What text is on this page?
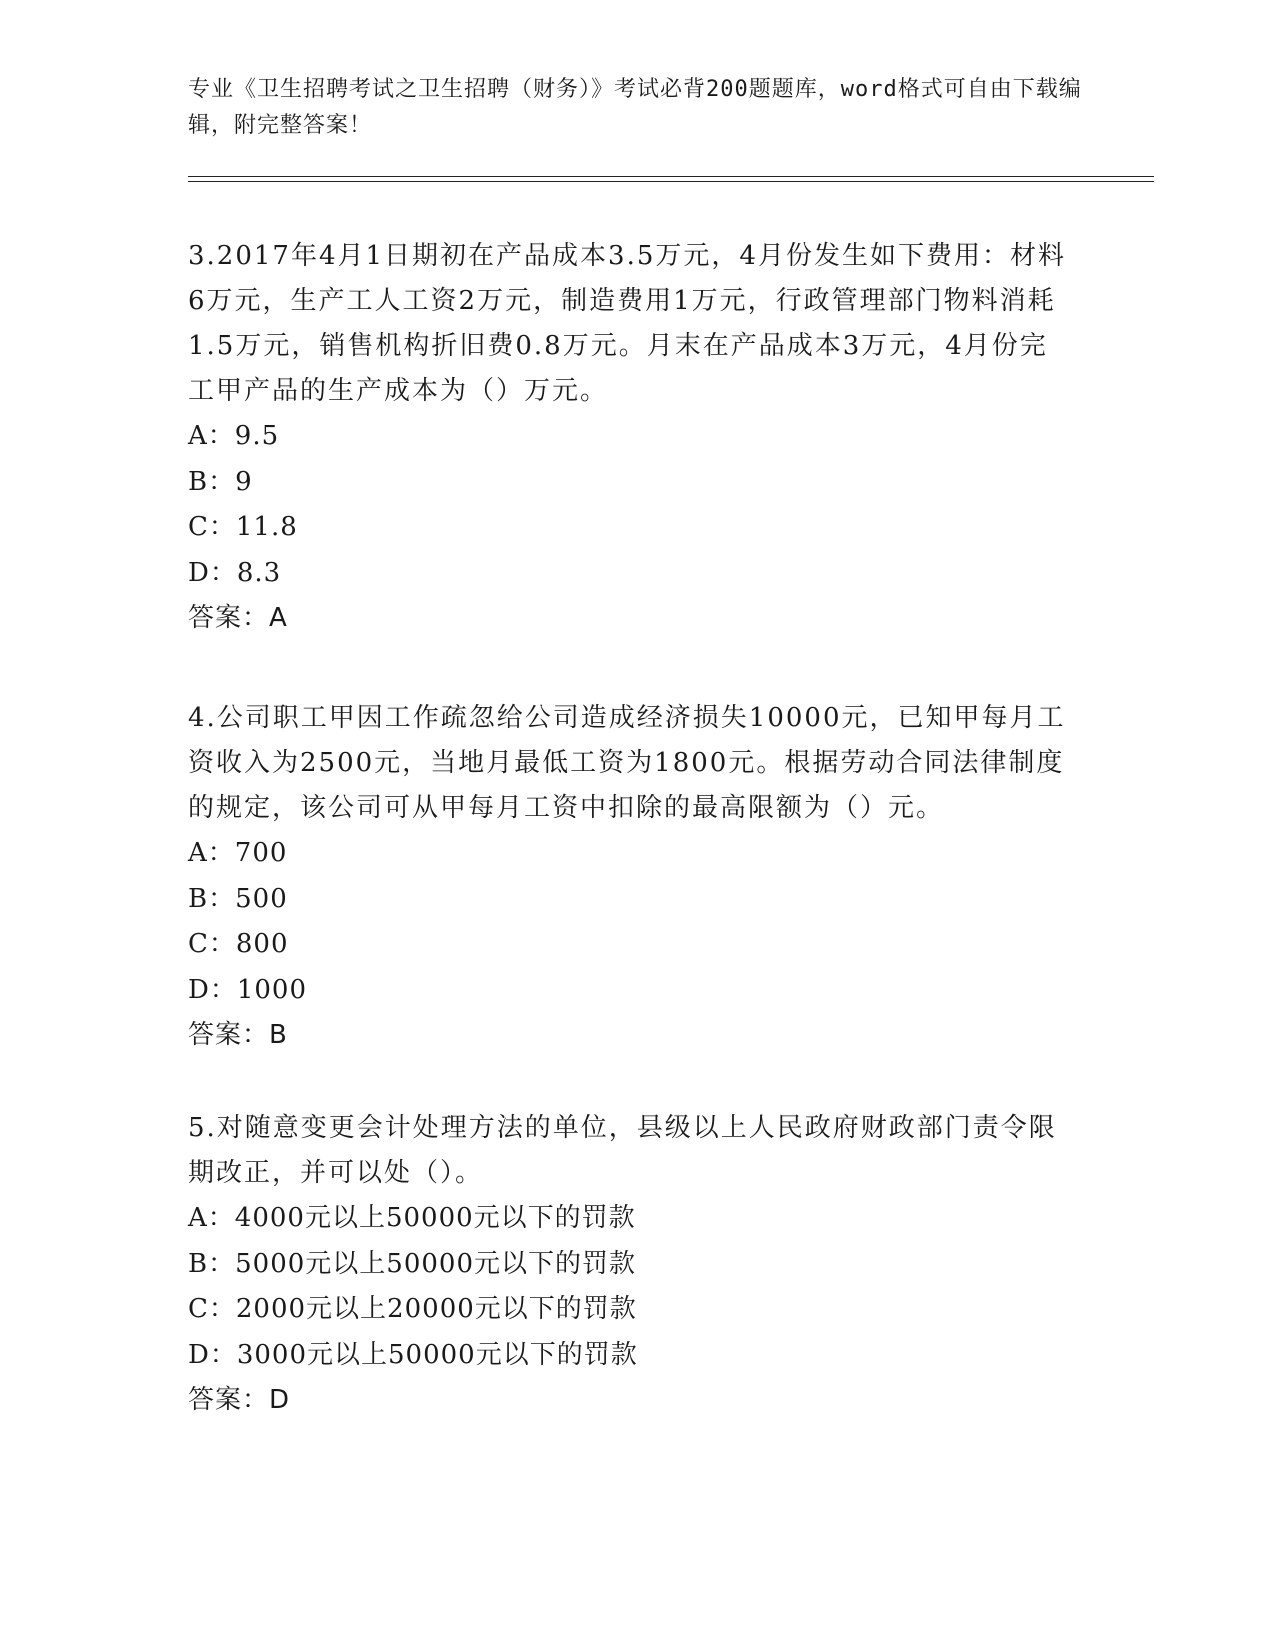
专业《卫生招聘考试之卫生招聘（财务）》考试必背200题题库，word格式可自由下载编辑，附完整答案！
3.2017年4月1日期初在产品成本3.5万元，4月份发生如下费用：材料6万元，生产工人工资2万元，制造费用1万元，行政管理部门物料消耗1.5万元，销售机构折旧费0.8万元。月末在产品成本3万元，4月份完工甲产品的生产成本为（）万元。
A：9.5
B：9
C：11.8
D：8.3
答案：A
4.公司职工甲因工作疏忽给公司造成经济损失10000元，已知甲每月工资收入为2500元，当地月最低工资为1800元。根据劳动合同法律制度的规定，该公司可从甲每月工资中扣除的最高限额为（）元。
A：700
B：500
C：800
D：1000
答案：B
5.对随意变更会计处理方法的单位，县级以上人民政府财政部门责令限期改正，并可以处（）。
A：4000元以上50000元以下的罚款
B：5000元以上50000元以下的罚款
C：2000元以上20000元以下的罚款
D：3000元以上50000元以下的罚款
答案：D
